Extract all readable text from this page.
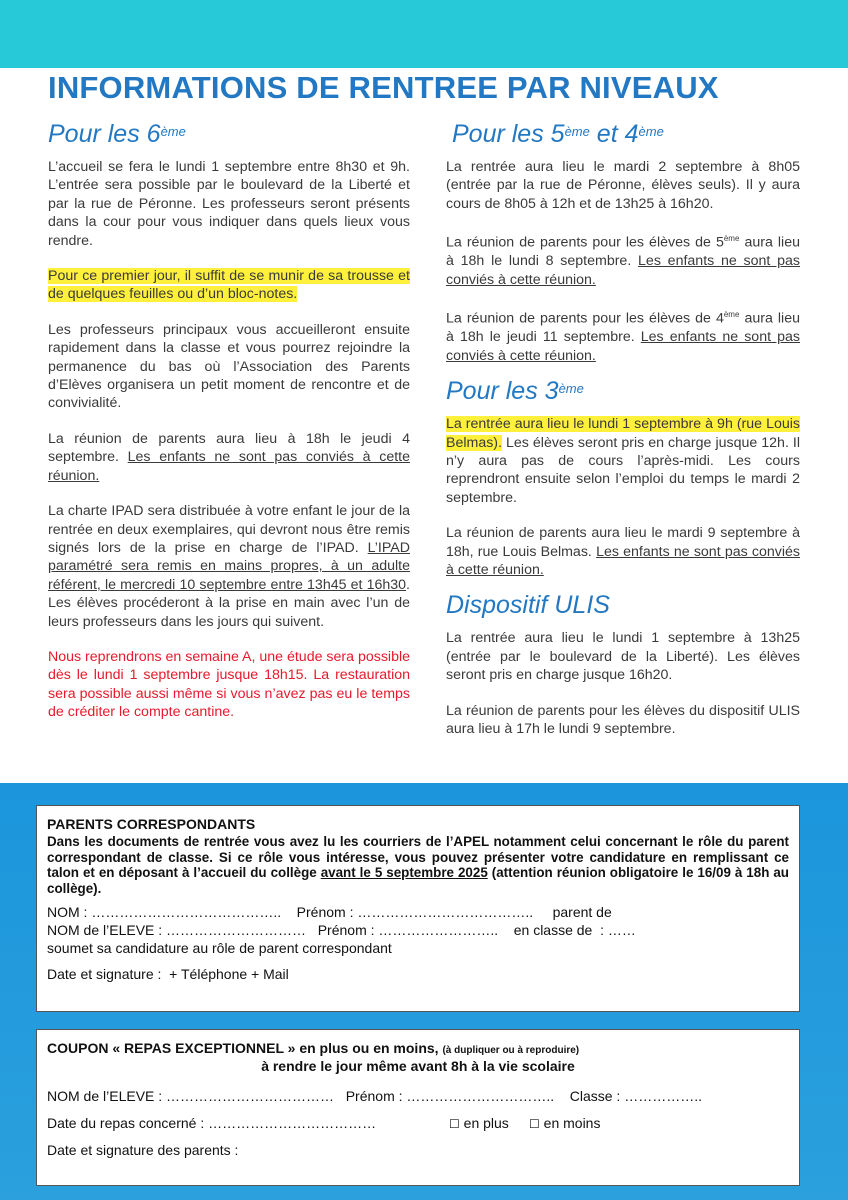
INFORMATIONS DE RENTREE PAR NIVEAUX
Pour les 6ème

L’accueil se fera le lundi 1 septembre entre 8h30 et 9h. L’entrée sera possible par le boulevard de la Liberté et par la rue de Péronne. Les professeurs seront présents dans la cour pour vous indiquer dans quels lieux vous rendre.

Pour ce premier jour, il suffit de se munir de sa trousse et de quelques feuilles ou d’un bloc-notes.

Les professeurs principaux vous accueilleront ensuite rapidement dans la classe et vous pourrez rejoindre la permanence du bas où l’Association des Parents d’Elèves organisera un petit moment de rencontre et de convivialité.

La réunion de parents aura lieu à 18h le jeudi 4 septembre. Les enfants ne sont pas conviés à cette réunion.

La charte IPAD sera distribuée à votre enfant le jour de la rentrée en deux exemplaires, qui devront nous être remis signés lors de la prise en charge de l’IPAD. L’IPAD paramétré sera remis en mains propres, à un adulte référent, le mercredi 10 septembre entre 13h45 et 16h30. Les élèves procéderont à la prise en main avec l’un de leurs professeurs dans les jours qui suivent.

Nous reprendrons en semaine A, une étude sera possible dès le lundi 1 septembre jusque 18h15. La restauration sera possible aussi même si vous n’avez pas eu le temps de créditer le compte cantine.

Pour les 5ème et 4ème

La rentrée aura lieu le mardi 2 septembre à 8h05 (entrée par la rue de Péronne, élèves seuls). Il y aura cours de 8h05 à 12h et de 13h25 à 16h20.

La réunion de parents pour les élèves de 5ème aura lieu à 18h le lundi 8 septembre. Les enfants ne sont pas conviés à cette réunion.

La réunion de parents pour les élèves de 4ème aura lieu à 18h le jeudi 11 septembre. Les enfants ne sont pas conviés à cette réunion.

Pour les 3ème

La rentrée aura lieu le lundi 1 septembre à 9h (rue Louis Belmas). Les élèves seront pris en charge jusque 12h. Il n’y aura pas de cours l’après-midi. Les cours reprendront ensuite selon l’emploi du temps le mardi 2 septembre.

La réunion de parents aura lieu le mardi 9 septembre à 18h, rue Louis Belmas. Les enfants ne sont pas conviés à cette réunion.

Dispositif ULIS

La rentrée aura lieu le lundi 1 septembre à 13h25 (entrée par le boulevard de la Liberté). Les élèves seront pris en charge jusque 16h20.

La réunion de parents pour les élèves du dispositif ULIS aura lieu à 17h le lundi 9 septembre.

PARENTS CORRESPONDANTS
Dans les documents de rentrée vous avez lu les courriers de l’APEL notamment celui concernant le rôle du parent correspondant de classe. Si ce rôle vous intéresse, vous pouvez présenter votre candidature en remplissant ce talon et en déposant à l’accueil du collège avant le 5 septembre 2025 (attention réunion obligatoire le 16/09 à 18h au collège).
NOM : …………………………………..    Prénom : ………………………………..     parent de
NOM de l’ELEVE : …………………………   Prénom : ……………………..    en classe de  : ……
soumet sa candidature au rôle de parent correspondant
Date et signature :  + Téléphone + Mail
COUPON « REPAS EXCEPTIONNEL » en plus ou en moins, (à dupliquer ou à reproduire)
à rendre le jour même avant 8h à la vie scolaire
NOM de l’ELEVE : ………………………………   Prénom : …………………………..    Classe : ……………..
Date du repas concerné : ………………………………	☐ en plus ☐ en moins
Date et signature des parents :
